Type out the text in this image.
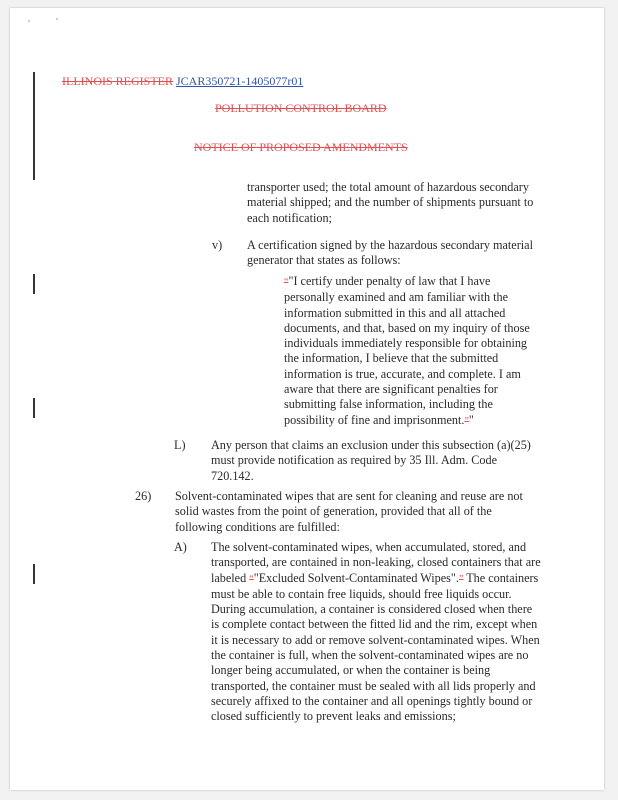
ILLINOIS REGISTER JCAR350721-1405077r01
POLLUTION CONTROL BOARD
NOTICE OF PROPOSED AMENDMENTS

transporter used; the total amount of hazardous secondary material shipped; and the number of shipments pursuant to each notification;

v) A certification signed by the hazardous secondary material generator that states as follows:

“"I certify under penalty of law that I have personally examined and am familiar with the information submitted in this and all attached documents, and that, based on my inquiry of those individuals immediately responsible for obtaining the information, I believe that the submitted information is true, accurate, and complete. I am aware that there are significant penalties for submitting false information, including the possibility of fine and imprisonment.”"

L) Any person that claims an exclusion under this subsection (a)(25) must provide notification as required by 35 Ill. Adm. Code 720.142.

26) Solvent-contaminated wipes that are sent for cleaning and reuse are not solid wastes from the point of generation, provided that all of the following conditions are fulfilled:

A) The solvent-contaminated wipes, when accumulated, stored, and transported, are contained in non-leaking, closed containers that are labeled “"Excluded Solvent-Contaminated Wipes".” The containers must be able to contain free liquids, should free liquids occur. During accumulation, a container is considered closed when there is complete contact between the fitted lid and the rim, except when it is necessary to add or remove solvent-contaminated wipes. When the container is full, when the solvent-contaminated wipes are no longer being accumulated, or when the container is being transported, the container must be sealed with all lids properly and securely affixed to the container and all openings tightly bound or closed sufficiently to prevent leaks and emissions;
